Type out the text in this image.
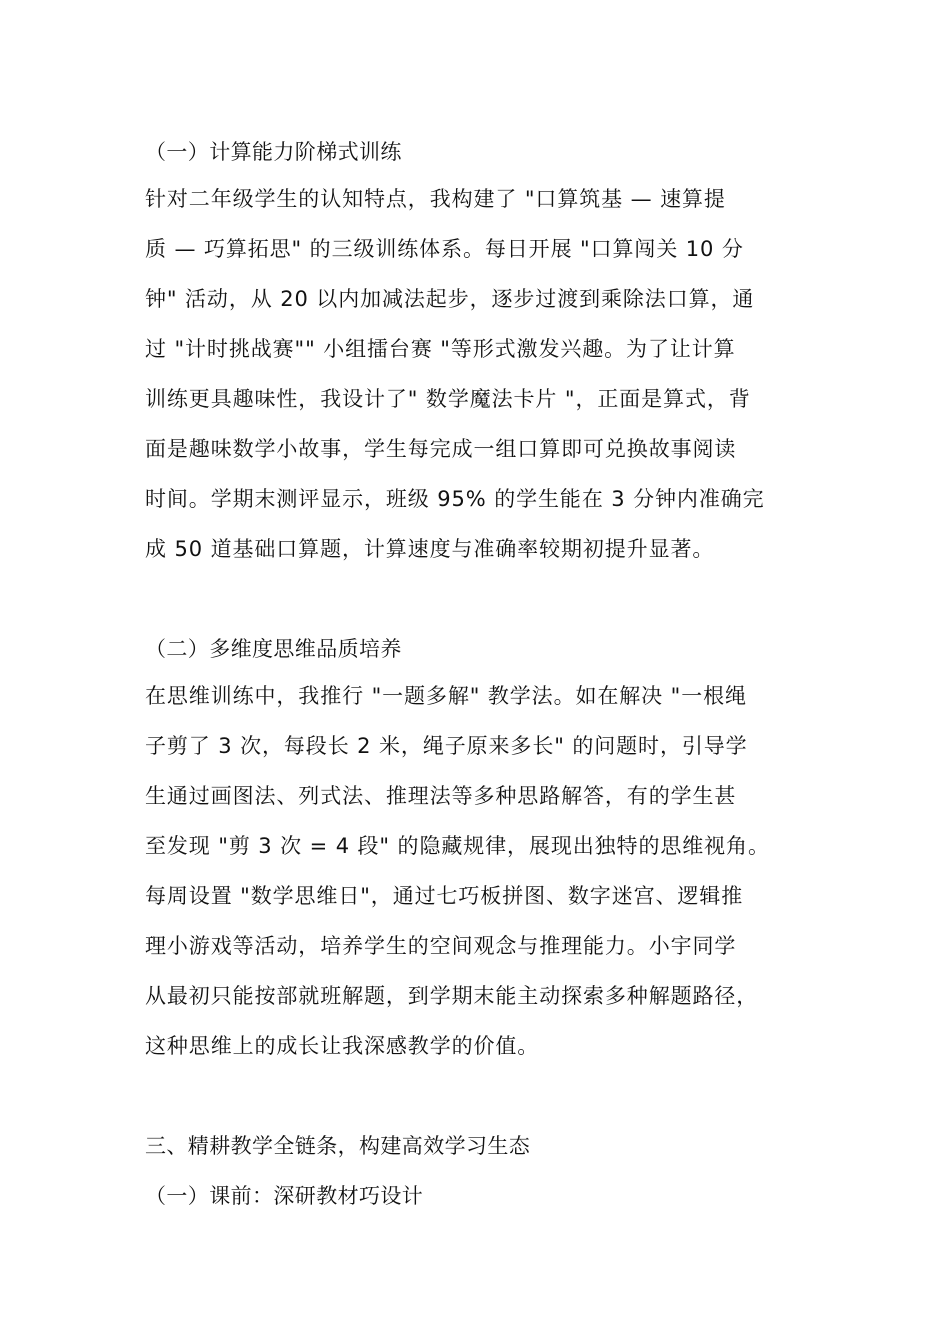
（一）计算能力阶梯式训练
针对二年级学生的认知特点，我构建了 "口算筑基 — 速算提
质 — 巧算拓思" 的三级训练体系。每日开展 "口算闯关 10 分
钟" 活动，从 20 以内加减法起步，逐步过渡到乘除法口算，通
过 "计时挑战赛"" 小组擂台赛 "等形式激发兴趣。为了让计算
训练更具趣味性，我设计了" 数学魔法卡片 "，正面是算式，背
面是趣味数学小故事，学生每完成一组口算即可兑换故事阅读
时间。学期末测评显示，班级 95% 的学生能在 3 分钟内准确完
成 50 道基础口算题，计算速度与准确率较期初提升显著。
（二）多维度思维品质培养
在思维训练中，我推行 "一题多解" 教学法。如在解决 "一根绳
子剪了 3 次，每段长 2 米，绳子原来多长" 的问题时，引导学
生通过画图法、列式法、推理法等多种思路解答，有的学生甚
至发现 "剪 3 次 = 4 段" 的隐藏规律，展现出独特的思维视角。
每周设置 "数学思维日"，通过七巧板拼图、数字迷宫、逻辑推
理小游戏等活动，培养学生的空间观念与推理能力。小宇同学
从最初只能按部就班解题，到学期末能主动探索多种解题路径，
这种思维上的成长让我深感教学的价值。
三、精耕教学全链条，构建高效学习生态
（一）课前：深研教材巧设计
